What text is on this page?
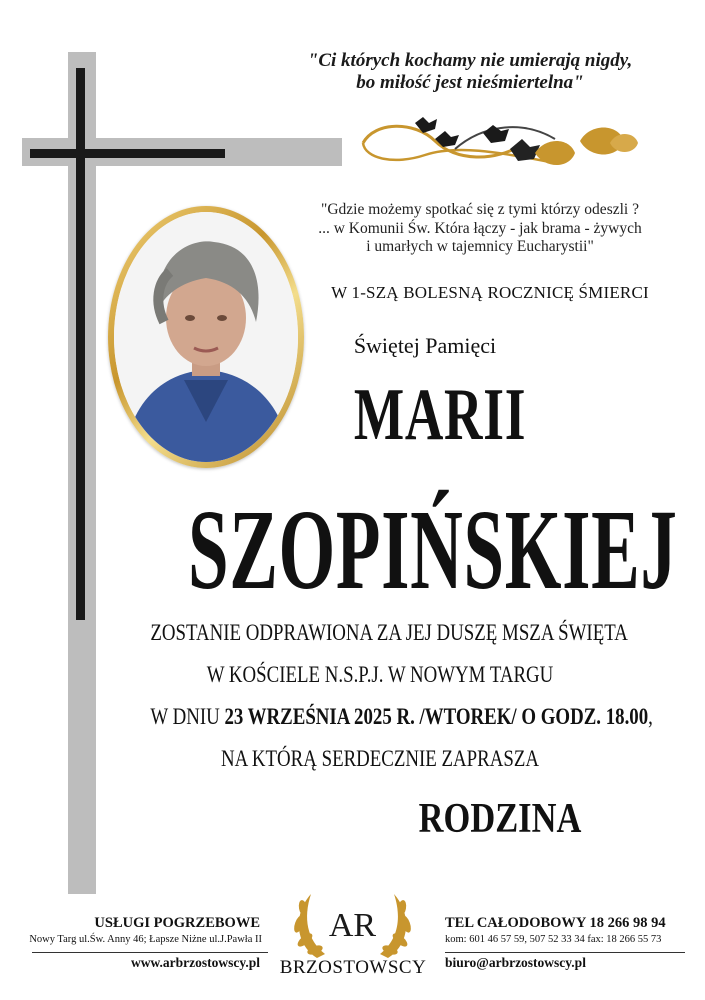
"Ci których kochamy nie umierają nigdy,
bo miłość jest nieśmiertelna"
"Gdzie możemy spotkać się z tymi którzy odeszli ?
... w Komunii Św. Która łączy - jak brama - żywych
i umarłych w tajemnicy Eucharystii"
W 1-SZĄ BOLESNĄ ROCZNICĘ ŚMIERCI
Świętej Pamięci
MARII
SZOPIŃSKIEJ
ZOSTANIE ODPRAWIONA ZA JEJ DUSZĘ MSZA ŚWIĘTA
W KOŚCIELE N.S.P.J. W NOWYM TARGU
W DNIU 23 WRZEŚNIA 2025 R. /WTOREK/ O GODZ. 18.00,
NA KTÓRĄ SERDECZNIE ZAPRASZA
RODZINA
USŁUGI POGRZEBOWE
Nowy Targ ul.Św. Anny 46; Łapsze Niżne ul.J.Pawła II
www.arbrzostowscy.pl
AR
BRZOSTOWSCY
TEL CAŁODOBOWY 18 266 98 94
kom: 601 46 57 59, 507 52 33 34 fax: 18 266 55 73
biuro@arbrzostowscy.pl
